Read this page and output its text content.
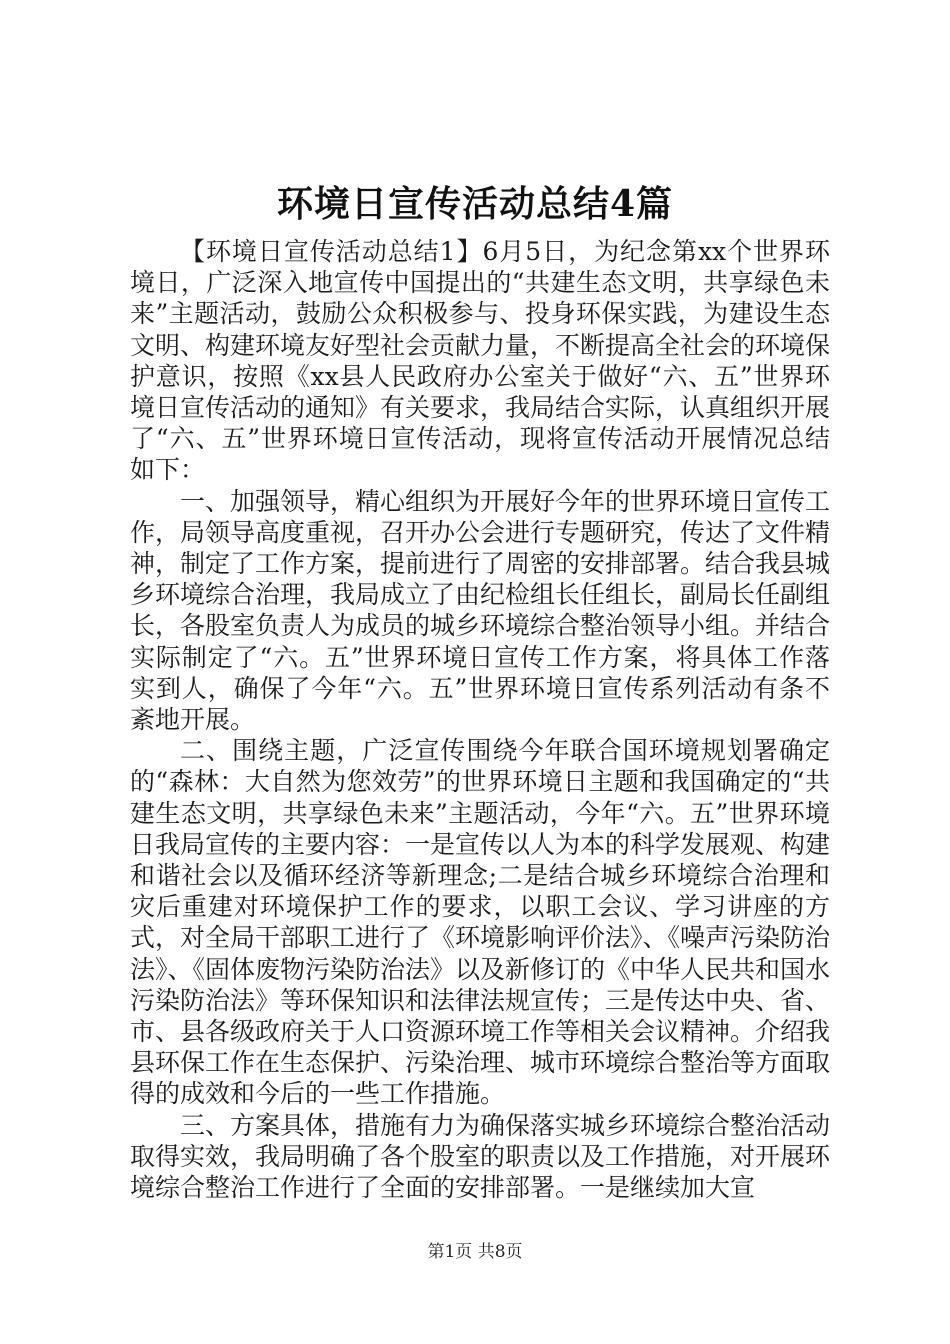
环境日宣传活动总结4篇

【环境日宣传活动总结1】6月5日，为纪念第xx个世界环境日，广泛深入地宣传中国提出的“共建生态文明，共享绿色未来”主题活动，鼓励公众积极参与、投身环保实践，为建设生态文明、构建环境友好型社会贡献力量，不断提高全社会的环境保护意识，按照《xx县人民政府办公室关于做好“六、五”世界环境日宣传活动的通知》有关要求，我局结合实际，认真组织开展了“六、五”世界环境日宣传活动，现将宣传活动开展情况总结如下：

一、加强领导，精心组织为开展好今年的世界环境日宣传工作，局领导高度重视，召开办公会进行专题研究，传达了文件精神，制定了工作方案，提前进行了周密的安排部署。结合我县城乡环境综合治理，我局成立了由纪检组长任组长，副局长任副组长，各股室负责人为成员的城乡环境综合整治领导小组。并结合实际制定了“六。五”世界环境日宣传工作方案，将具体工作落实到人，确保了今年“六。五”世界环境日宣传系列活动有条不紊地开展。

二、围绕主题，广泛宣传围绕今年联合国环境规划署确定的“森林：大自然为您效劳”的世界环境日主题和我国确定的“共建生态文明，共享绿色未来”主题活动，今年“六。五”世界环境日我局宣传的主要内容：一是宣传以人为本的科学发展观、构建和谐社会以及循环经济等新理念;二是结合城乡环境综合治理和灾后重建对环境保护工作的要求，以职工会议、学习讲座的方式，对全局干部职工进行了《环境影响评价法》、《噪声污染防治法》、《固体废物污染防治法》以及新修订的《中华人民共和国水污染防治法》等环保知识和法律法规宣传；三是传达中央、省、市、县各级政府关于人口资源环境工作等相关会议精神。介绍我县环保工作在生态保护、污染治理、城市环境综合整治等方面取得的成效和今后的一些工作措施。

三、方案具体，措施有力为确保落实城乡环境综合整治活动取得实效，我局明确了各个股室的职责以及工作措施，对开展环境综合整治工作进行了全面的安排部署。一是继续加大宣

第1页 共8页
